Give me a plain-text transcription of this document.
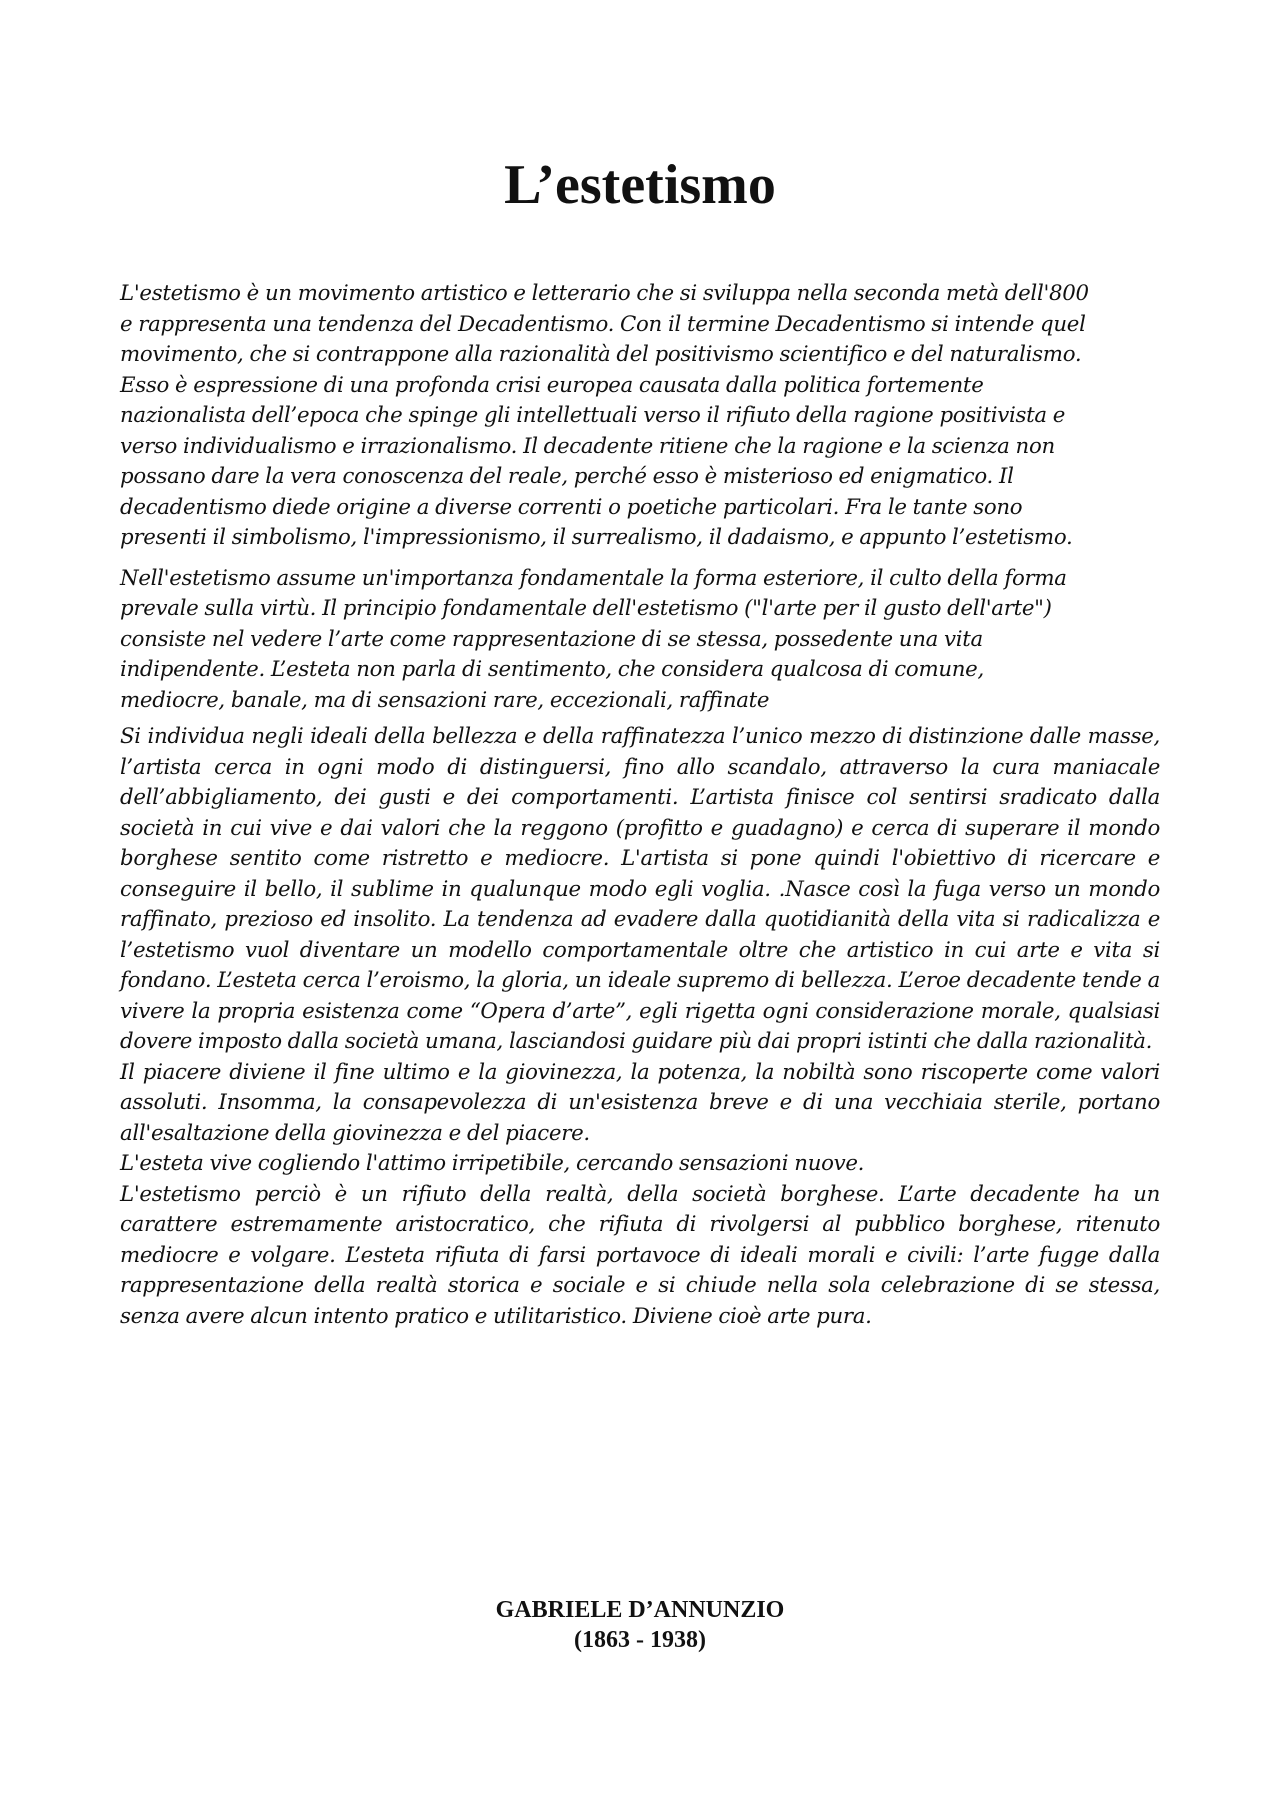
L’estetismo

L'estetismo è un movimento artistico e letterario che si sviluppa nella seconda metà dell'800
e rappresenta una tendenza del Decadentismo. Con il termine Decadentismo si intende quel
movimento, che si contrappone alla razionalità del positivismo scientifico e del naturalismo.
Esso è espressione di una profonda crisi europea causata dalla politica fortemente
nazionalista dell’epoca che spinge gli intellettuali verso il rifiuto della ragione positivista e
verso individualismo e irrazionalismo. Il decadente ritiene che la ragione e la scienza non
possano dare la vera conoscenza del reale, perché esso è misterioso ed enigmatico. Il
decadentismo diede origine a diverse correnti o poetiche particolari. Fra le tante sono
presenti il simbolismo, l'impressionismo, il surrealismo, il dadaismo, e appunto l’estetismo.

Nell'estetismo assume un'importanza fondamentale la forma esteriore, il culto della forma
prevale sulla virtù. Il principio fondamentale dell'estetismo ("l'arte per il gusto dell'arte")
consiste nel vedere l’arte come rappresentazione di se stessa, possedente una vita
indipendente. L’esteta non parla di sentimento, che considera qualcosa di comune,
mediocre, banale, ma di sensazioni rare, eccezionali, raffinate

Si individua negli ideali della bellezza e della raffinatezza l’unico mezzo di distinzione dalle masse, l’artista cerca in ogni modo di distinguersi, fino allo scandalo, attraverso la cura maniacale dell’abbigliamento, dei gusti e dei comportamenti. L’artista finisce col sentirsi sradicato dalla società in cui vive e dai valori che la reggono (profitto e guadagno) e cerca di superare il mondo borghese sentito come ristretto e mediocre. L'artista si pone quindi l'obiettivo di ricercare e conseguire il bello, il sublime in qualunque modo egli voglia. .Nasce così la fuga verso un mondo raffinato, prezioso ed insolito. La tendenza ad evadere dalla quotidianità della vita si radicalizza e l’estetismo vuol diventare un modello comportamentale oltre che artistico in cui arte e vita si fondano. L’esteta cerca l’eroismo, la gloria, un ideale supremo di bellezza. L’eroe decadente tende a vivere la propria esistenza come “Opera d’arte”, egli rigetta ogni considerazione morale, qualsiasi dovere imposto dalla società umana, lasciandosi guidare più dai propri istinti che dalla razionalità.

Il piacere diviene il fine ultimo e la giovinezza, la potenza, la nobiltà sono riscoperte come valori assoluti. Insomma, la consapevolezza di un'esistenza breve e di una vecchiaia sterile, portano all'esaltazione della giovinezza e del piacere.

L'esteta vive cogliendo l'attimo irripetibile, cercando sensazioni nuove.

L'estetismo perciò è un rifiuto della realtà, della società borghese. L’arte decadente ha un carattere estremamente aristocratico, che rifiuta di rivolgersi al pubblico borghese, ritenuto mediocre e volgare. L’esteta rifiuta di farsi portavoce di ideali morali e civili: l’arte fugge dalla rappresentazione della realtà storica e sociale e si chiude nella sola celebrazione di se stessa, senza avere alcun intento pratico e utilitaristico. Diviene cioè arte pura.

GABRIELE D’ANNUNZIO
(1863 - 1938)
